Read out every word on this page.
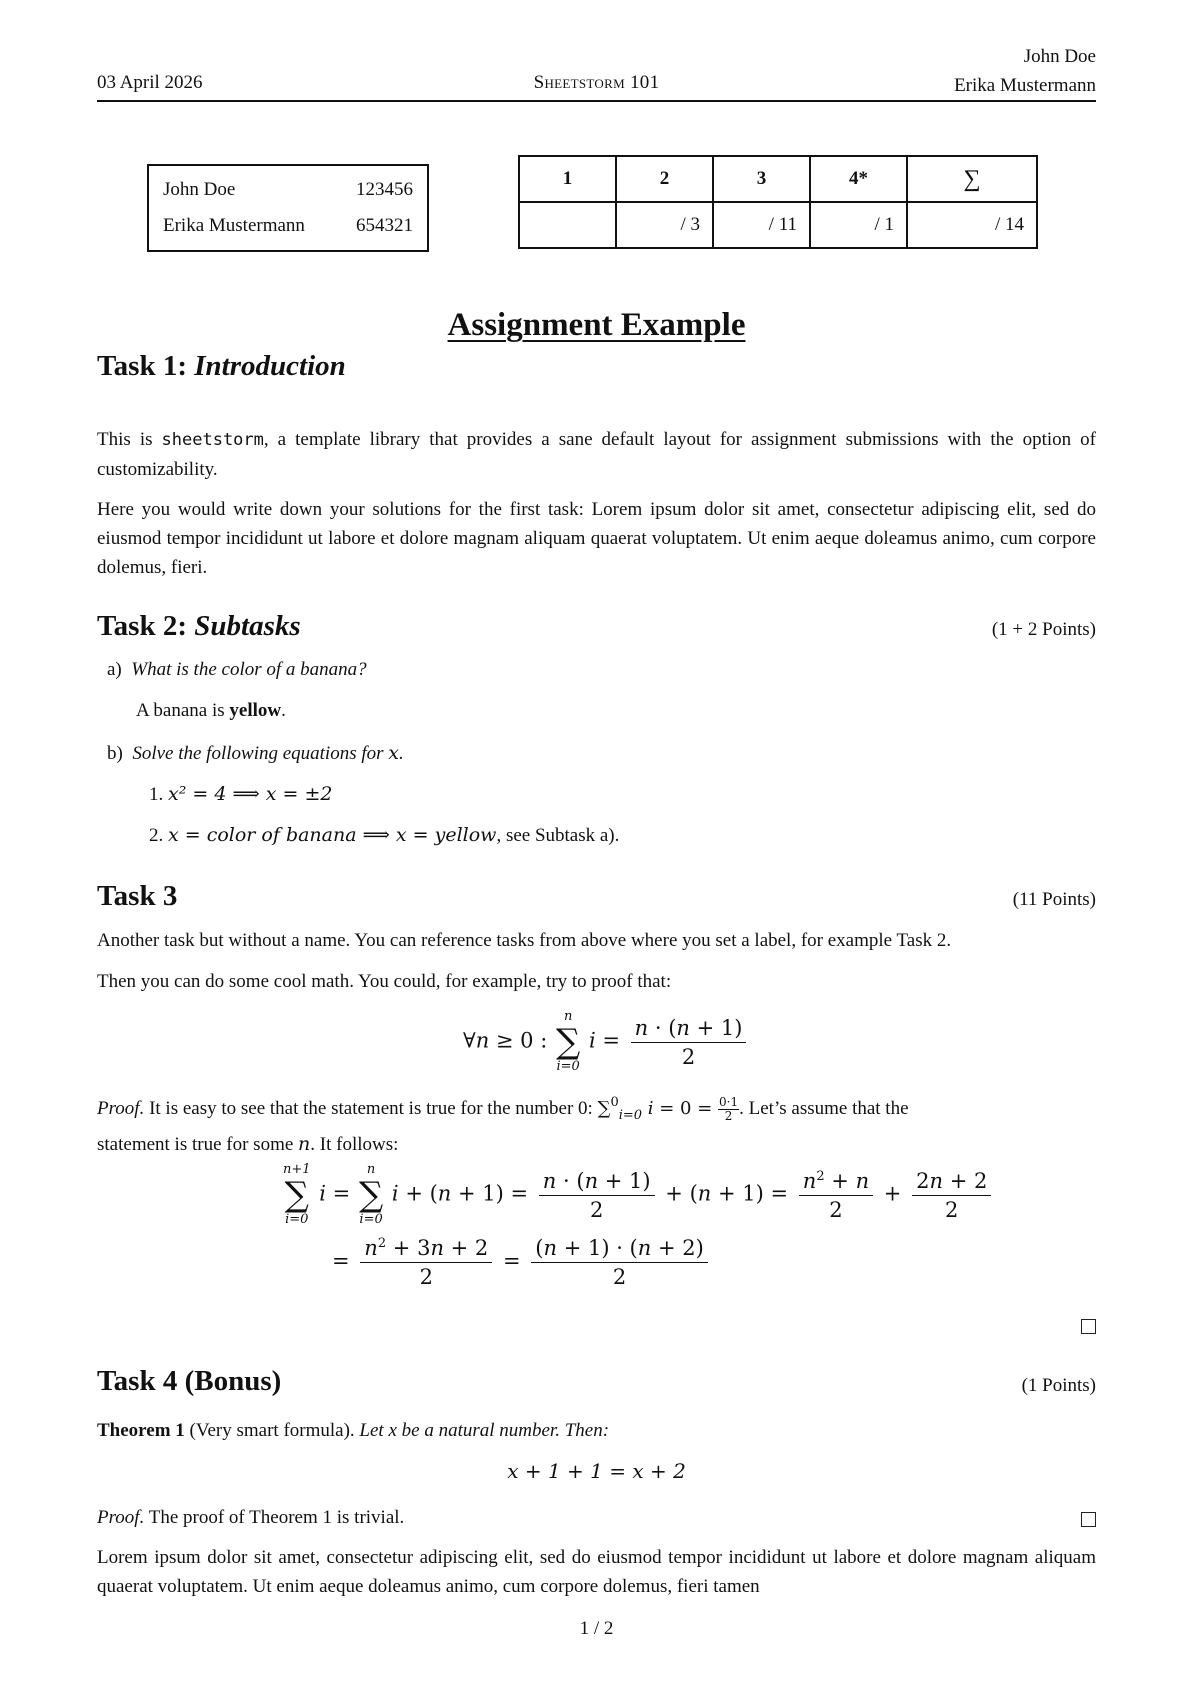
03 April 2026	Sheetstorm 101
John Doe
Erika Mustermann
John Doe	123456
Erika Mustermann	654321
1	2	3	4*	∑
	/ 3	/ 11	/ 1	/ 14
Assignment Example
Task 1: Introduction

This is sheetstorm, a template library that provides a sane default layout for assignment submissions with the option of customizability.

Here you would write down your solutions for the first task: Lorem ipsum dolor sit amet, consectetur adipiscing elit, sed do eiusmod tempor incididunt ut labore et dolore magnam aliquam quaerat voluptatem. Ut enim aeque doleamus animo, cum corpore dolemus, fieri.

Task 2: Subtasks	(1 + 2 Points)
a) What is the color of a banana?
A banana is yellow.
b) Solve the following equations for x.
1. x² = 4 ⟹ x = ±2
2. x = color of banana ⟹ x = yellow, see Subtask a).
Task 3	(11 Points)

Another task but without a name. You can reference tasks from above where you set a label, for example Task 2.

Then you can do some cool math. You could, for example, try to proof that:

∀n ≥ 0 :
n
∑
i=0
$i = \frac{n \cdot (n + 1)}{2}$

Proof. It is easy to see that the statement is true for the number 0: ∑$^0_{i=0}$ $i = 0 = \frac{0\cdot 1}{2}$ . Let’s assume that the
statement is true for some n. It follows:

n+1
∑
i=0
i =
n
∑
i=0
$i + (n + 1) = \frac{n \cdot (n + 1)}{2} + (n + 1) = \frac{n^2 + n}{2} + \frac{2n + 2}{2}$
= $\frac{n^2 + 3n + 2}{2} = \frac{(n + 1) \cdot (n + 2)}{2}$
Task 4 (Bonus)	(1 Points)
Theorem 1 (Very smart formula). Let x be a natural number. Then:
x + 1 + 1 = x + 2
Proof. The proof of Theorem 1 is trivial.

Lorem ipsum dolor sit amet, consectetur adipiscing elit, sed do eiusmod tempor incididunt ut labore et dolore magnam aliquam quaerat voluptatem. Ut enim aeque doleamus animo, cum corpore dolemus, fieri tamen

1 / 2
